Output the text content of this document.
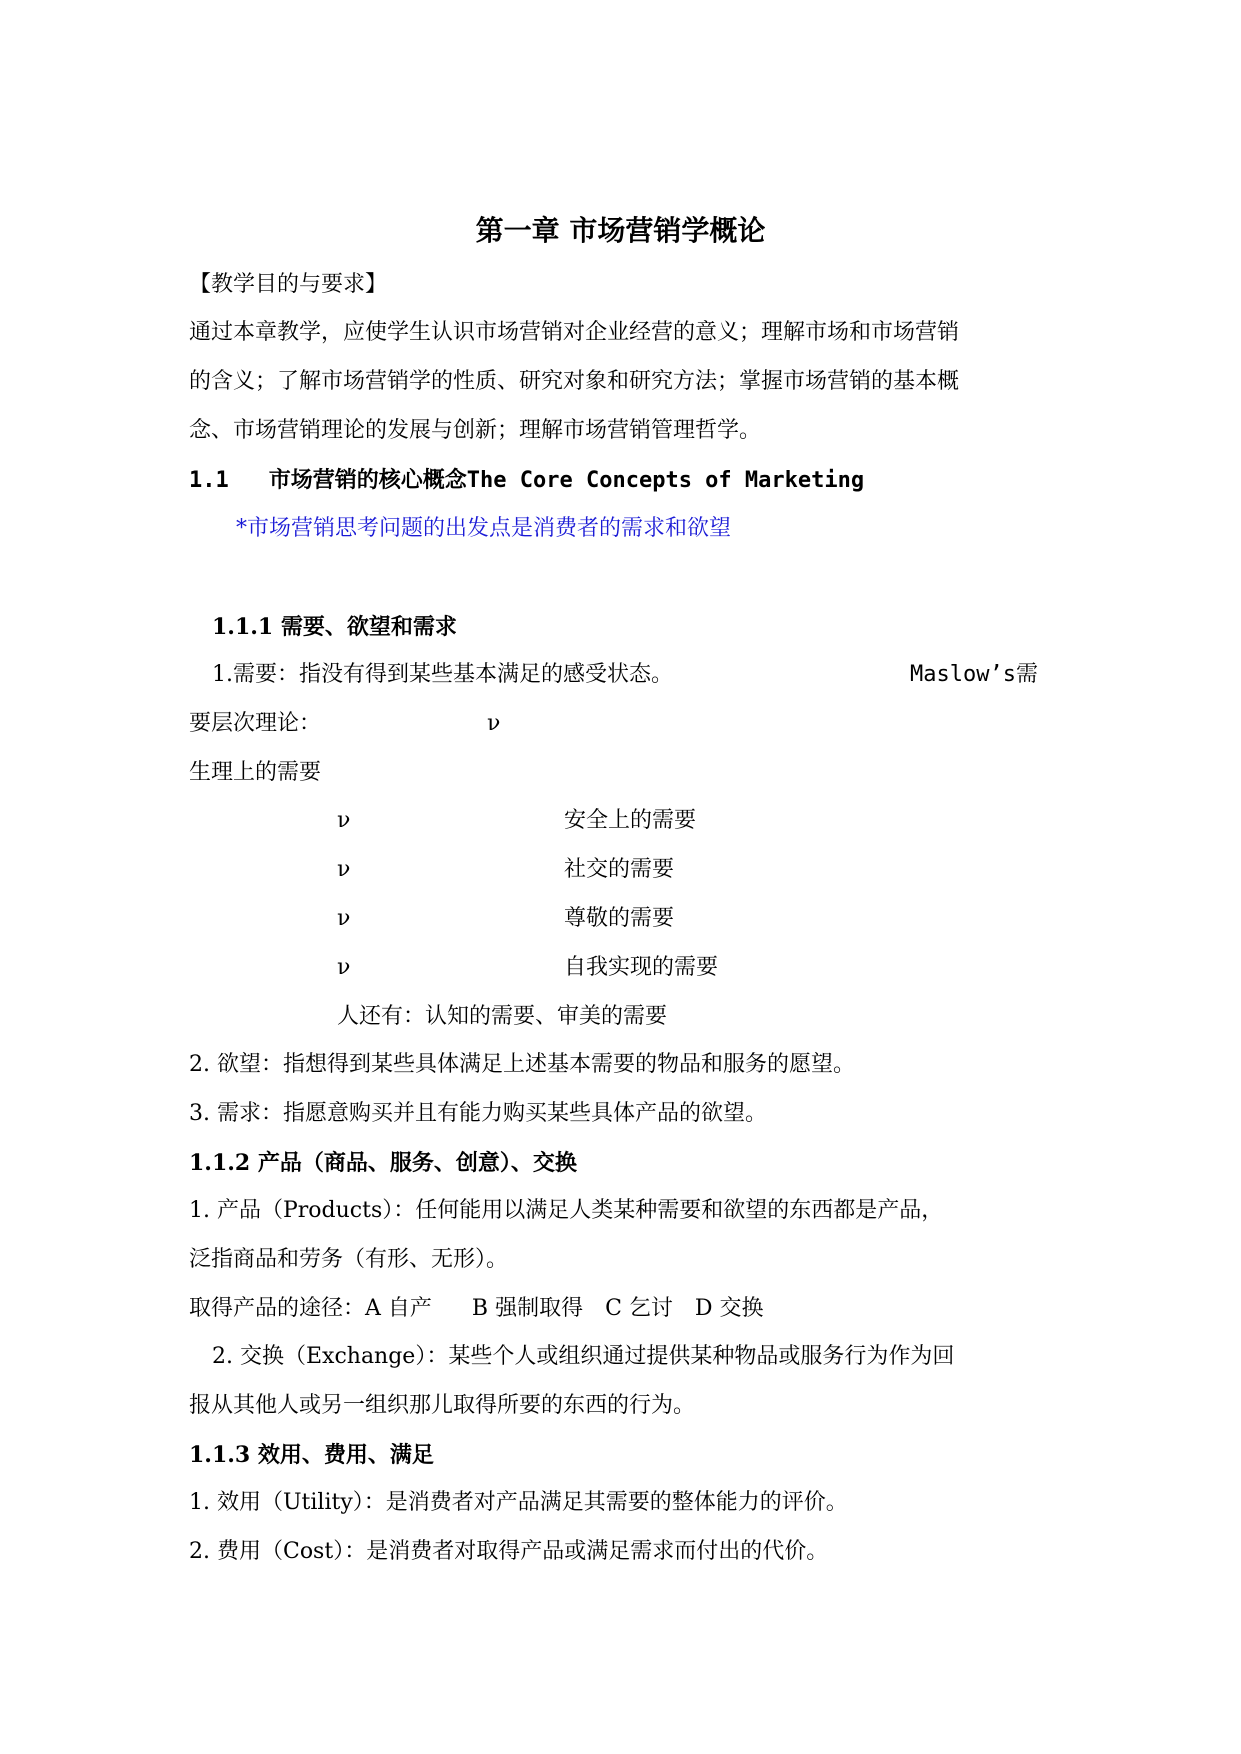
第一章 市场营销学概论
【教学目的与要求】
通过本章教学，应使学生认识市场营销对企业经营的意义；理解市场和市场营销
的含义；了解市场营销学的性质、研究对象和研究方法；掌握市场营销的基本概
念、市场营销理论的发展与创新；理解市场营销管理哲学。
1.1 市场营销的核心概念The Core Concepts of Marketing
*市场营销思考问题的出发点是消费者的需求和欲望
1.1.1 需要、欲望和需求
1.需要：指没有得到某些基本满足的感受状态。	Maslow’s需
要层次理论：	ν
生理上的需要
ν	安全上的需要
ν	社交的需要
ν	尊敬的需要
ν	自我实现的需要
人还有：认知的需要、审美的需要
2. 欲望：指想得到某些具体满足上述基本需要的物品和服务的愿望。
3. 需求：指愿意购买并且有能力购买某些具体产品的欲望。
1.1.2 产品（商品、服务、创意）、交换
1. 产品（Products）：任何能用以满足人类某种需要和欲望的东西都是产品，
泛指商品和劳务（有形、无形）。
取得产品的途径：A 自产 B 强制取得 C 乞讨 D 交换
2. 交换（Exchange）：某些个人或组织通过提供某种物品或服务行为作为回
报从其他人或另一组织那儿取得所要的东西的行为。
1.1.3 效用、费用、满足
1. 效用（Utility）：是消费者对产品满足其需要的整体能力的评价。
2. 费用（Cost）：是消费者对取得产品或满足需求而付出的代价。
